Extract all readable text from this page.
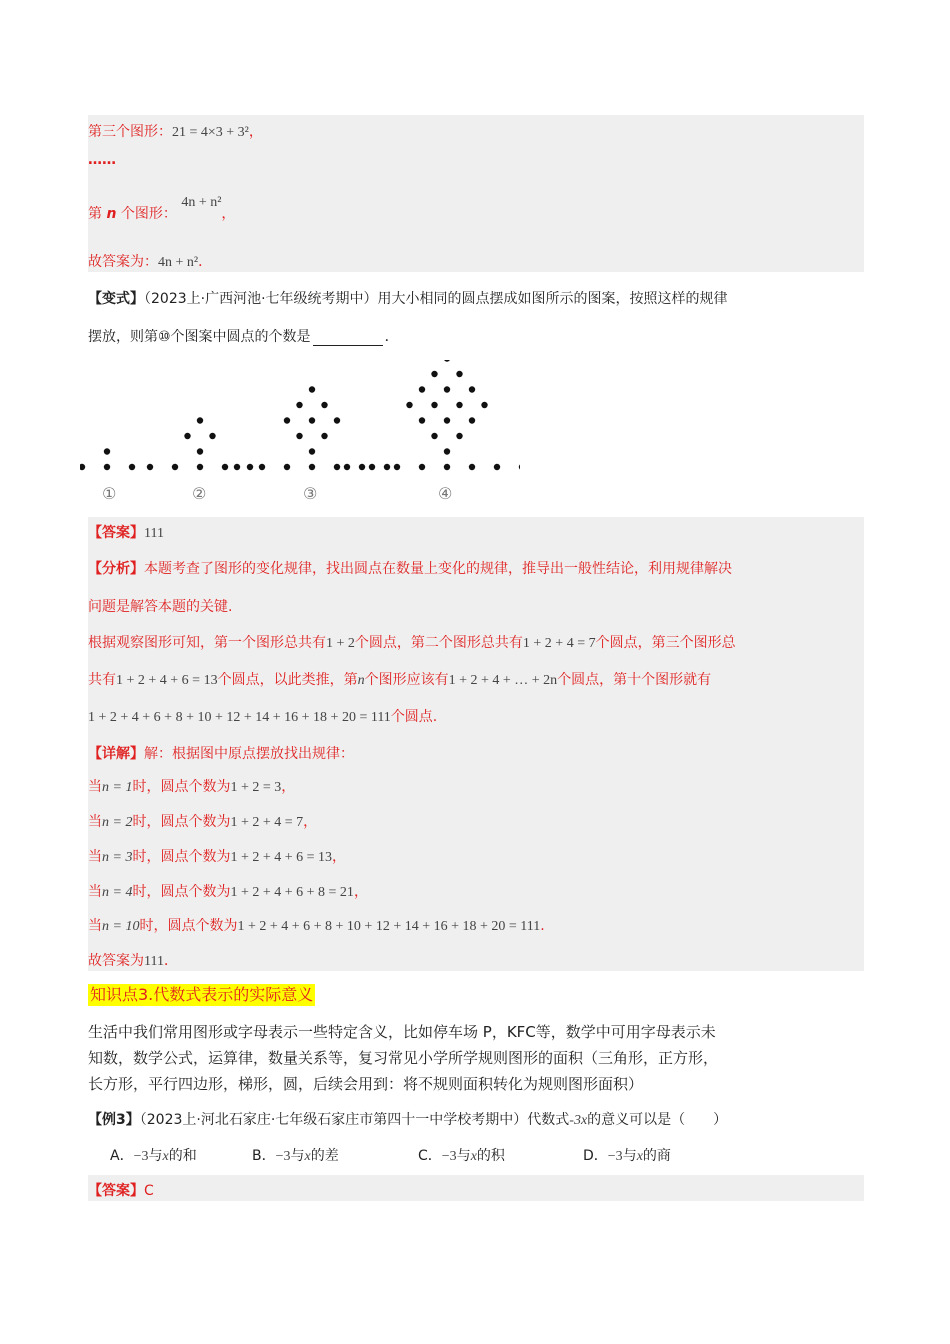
第三个图形：21 = 4×3 + 3²，
……
第 n 个图形： 4n + n²，
故答案为：4n + n²．
【变式】（2023上·广西河池·七年级统考期中）用大小相同的圆点摆成如图所示的图案，按照这样的规律
摆放，则第⑩个图案中圆点的个数是	．
①	②	③	④
【答案】111
【分析】本题考查了图形的变化规律，找出圆点在数量上变化的规律，推导出一般性结论，利用规律解决
问题是解答本题的关键.
根据观察图形可知，第一个图形总共有1 + 2个圆点，第二个图形总共有1 + 2 + 4 = 7个圆点，第三个图形总
共有1 + 2 + 4 + 6 = 13个圆点，以此类推，第n个图形应该有1 + 2 + 4 + … + 2n个圆点，第十个图形就有
1 + 2 + 4 + 6 + 8 + 10 + 12 + 14 + 16 + 18 + 20 = 111个圆点.
【详解】解：根据图中原点摆放找出规律：
当n = 1时，圆点个数为1 + 2 = 3，
当n = 2时，圆点个数为1 + 2 + 4 = 7，
当n = 3时，圆点个数为1 + 2 + 4 + 6 = 13，
当n = 4时，圆点个数为1 + 2 + 4 + 6 + 8 = 21，
当n = 10时，圆点个数为1 + 2 + 4 + 6 + 8 + 10 + 12 + 14 + 16 + 18 + 20 = 111.
故答案为111．
知识点3.代数式表示的实际意义
生活中我们常用图形或字母表示一些特定含义，比如停车场 P，KFC等，数学中可用字母表示未
知数，数学公式，运算律，数量关系等，复习常见小学所学规则图形的面积（三角形，正方形，
长方形，平行四边形，梯形，圆，后续会用到：将不规则面积转化为规则图形面积）
【例3】（2023上·河北石家庄·七年级石家庄市第四十一中学校考期中）代数式-3x的意义可以是（　　）
A．−3与x的和	B．−3与x的差	C．−3与x的积	D．−3与x的商
【答案】C
